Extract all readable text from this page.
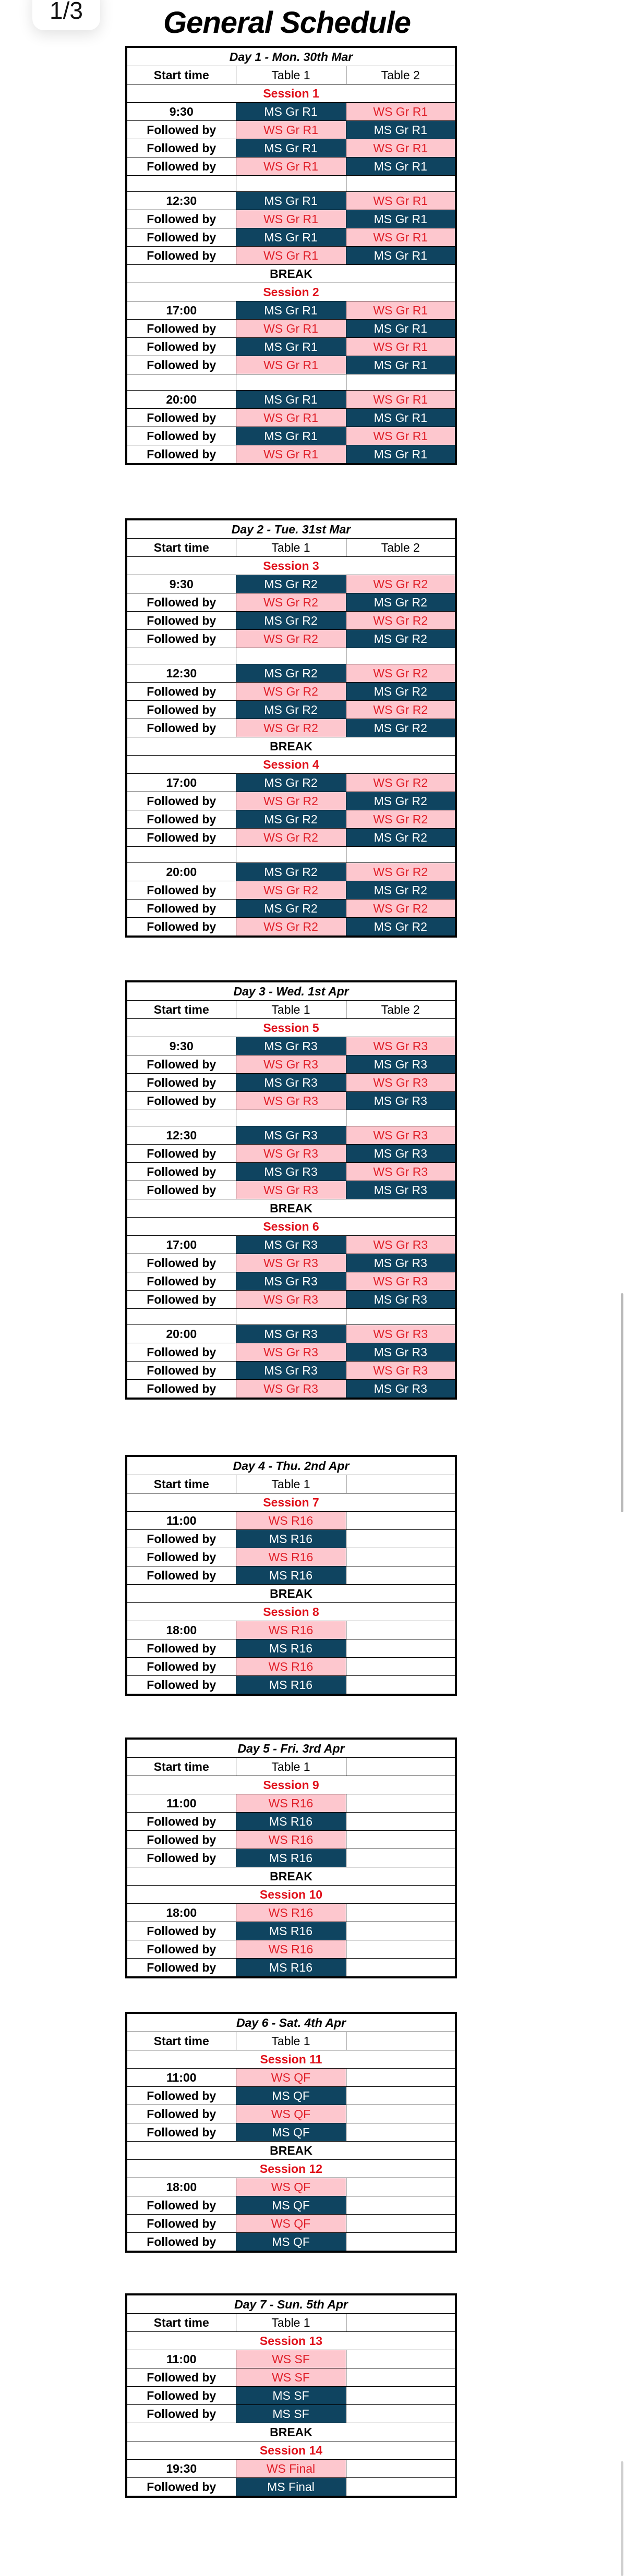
1/3	General Schedule
Day 1 - Mon. 30th Mar		
Start time	Table 1	Table 2
Session 1		
9:30	MS Gr R1	WS Gr R1
Followed by	WS Gr R1	MS Gr R1
Followed by	MS Gr R1	WS Gr R1
Followed by	WS Gr R1	MS Gr R1

12:30	MS Gr R1	WS Gr R1
Followed by	WS Gr R1	MS Gr R1
Followed by	MS Gr R1	WS Gr R1
Followed by	WS Gr R1	MS Gr R1
BREAK		
Session 2		
17:00	MS Gr R1	WS Gr R1
Followed by	WS Gr R1	MS Gr R1
Followed by	MS Gr R1	WS Gr R1
Followed by	WS Gr R1	MS Gr R1

20:00	MS Gr R1	WS Gr R1
Followed by	WS Gr R1	MS Gr R1
Followed by	MS Gr R1	WS Gr R1
Followed by	WS Gr R1	MS Gr R1
Day 2 - Tue. 31st Mar		
Start time	Table 1	Table 2
Session 3		
9:30	MS Gr R2	WS Gr R2
Followed by	WS Gr R2	MS Gr R2
Followed by	MS Gr R2	WS Gr R2
Followed by	WS Gr R2	MS Gr R2

12:30	MS Gr R2	WS Gr R2
Followed by	WS Gr R2	MS Gr R2
Followed by	MS Gr R2	WS Gr R2
Followed by	WS Gr R2	MS Gr R2
BREAK		
Session 4		
17:00	MS Gr R2	WS Gr R2
Followed by	WS Gr R2	MS Gr R2
Followed by	MS Gr R2	WS Gr R2
Followed by	WS Gr R2	MS Gr R2

20:00	MS Gr R2	WS Gr R2
Followed by	WS Gr R2	MS Gr R2
Followed by	MS Gr R2	WS Gr R2
Followed by	WS Gr R2	MS Gr R2
Day 3 - Wed. 1st Apr		
Start time	Table 1	Table 2
Session 5		
9:30	MS Gr R3	WS Gr R3
Followed by	WS Gr R3	MS Gr R3
Followed by	MS Gr R3	WS Gr R3
Followed by	WS Gr R3	MS Gr R3

12:30	MS Gr R3	WS Gr R3
Followed by	WS Gr R3	MS Gr R3
Followed by	MS Gr R3	WS Gr R3
Followed by	WS Gr R3	MS Gr R3
BREAK		
Session 6		
17:00	MS Gr R3	WS Gr R3
Followed by	WS Gr R3	MS Gr R3
Followed by	MS Gr R3	WS Gr R3
Followed by	WS Gr R3	MS Gr R3

20:00	MS Gr R3	WS Gr R3
Followed by	WS Gr R3	MS Gr R3
Followed by	MS Gr R3	WS Gr R3
Followed by	WS Gr R3	MS Gr R3
Day 4 - Thu. 2nd Apr		
Start time	Table 1	
Session 7		
11:00	WS R16	
Followed by	MS R16	
Followed by	WS R16	
Followed by	MS R16	
BREAK		
Session 8		
18:00	WS R16	
Followed by	MS R16	
Followed by	WS R16	
Followed by	MS R16	
Day 5 - Fri. 3rd Apr		
Start time	Table 1	
Session 9		
11:00	WS R16	
Followed by	MS R16	
Followed by	WS R16	
Followed by	MS R16	
BREAK		
Session 10		
18:00	WS R16	
Followed by	MS R16	
Followed by	WS R16	
Followed by	MS R16	
Day 6 - Sat. 4th Apr		
Start time	Table 1	
Session 11		
11:00	WS QF	
Followed by	MS QF	
Followed by	WS QF	
Followed by	MS QF	
BREAK		
Session 12		
18:00	WS QF	
Followed by	MS QF	
Followed by	WS QF	
Followed by	MS QF	
Day 7 - Sun. 5th Apr		
Start time	Table 1	
Session 13		
11:00	WS SF	
Followed by	WS SF	
Followed by	MS SF	
Followed by	MS SF	
BREAK		
Session 14		
19:30	WS Final	
Followed by	MS Final	
